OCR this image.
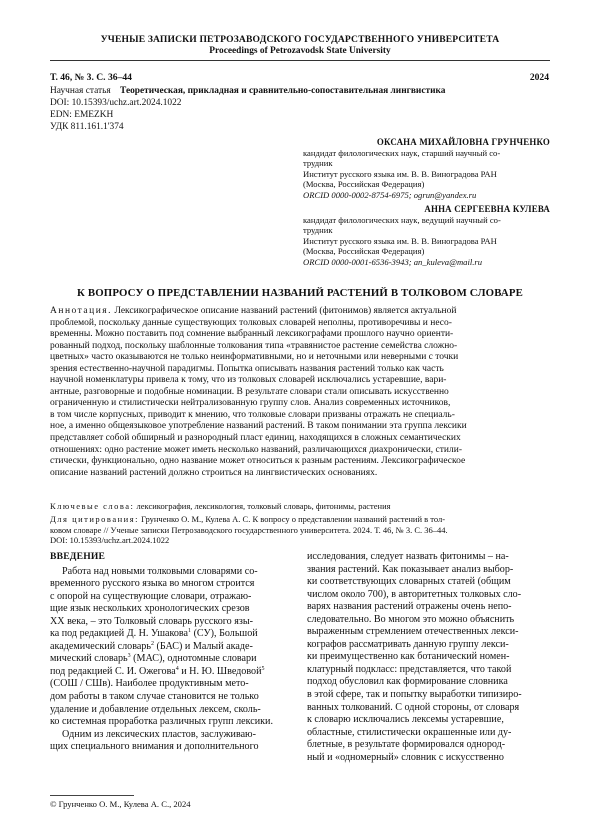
УЧЕНЫЕ ЗАПИСКИ ПЕТРОЗАВОДСКОГО ГОСУДАРСТВЕННОГО УНИВЕРСИТЕТА
Proceedings of Petrozavodsk State University
Т. 46, № 3. С. 36–44	2024
Научная статья Теоретическая, прикладная и сравнительно-сопоставительная лингвистика
DOI: 10.15393/uchz.art.2024.1022
EDN: EMEZKH
УДК 811.161.1'374
ОКСАНА МИХАЙЛОВНА ГРУНЧЕНКО
кандидат филологических наук, старший научный со-
трудник
Институт русского языка им. В. В. Виноградова РАН
(Москва, Российская Федерация)
ORCID 0000-0002-8754-6975; ogrun@yandex.ru
АННА СЕРГЕЕВНА КУЛЕВА
кандидат филологических наук, ведущий научный со-
трудник
Институт русского языка им. В. В. Виноградова РАН
(Москва, Российская Федерация)
ORCID 0000-0001-6536-3943; an_kuleva@mail.ru
К ВОПРОСУ О ПРЕДСТАВЛЕНИИ НАЗВАНИЙ РАСТЕНИЙ В ТОЛКОВОМ СЛОВАРЕ
Аннотация. Лексикографическое описание названий растений (фитонимов) является актуальной
проблемой, поскольку данные существующих толковых словарей неполны, противоречивы и несо-
временны. Можно поставить под сомнение выбранный лексикографами прошлого научно ориенти-
рованный подход, поскольку шаблонные толкования типа «травянистое растение семейства сложно-
цветных» часто оказываются не только неинформативными, но и неточными или неверными с точки
зрения естественно-научной парадигмы. Попытка описывать названия растений только как часть
научной номенклатуры привела к тому, что из толковых словарей исключались устаревшие, вари-
антные, разговорные и подобные номинации. В результате словари стали описывать искусственно
ограниченную и стилистически нейтрализованную группу слов. Анализ современных источников,
в том числе корпусных, приводит к мнению, что толковые словари призваны отражать не специаль-
ное, а именно общеязыковое употребление названий растений. В таком понимании эта группа лексики
представляет собой обширный и разнородный пласт единиц, находящихся в сложных семантических
отношениях: одно растение может иметь несколько названий, различающихся диахронически, стили-
стически, функционально, одно название может относиться к разным растениям. Лексикографическое
описание названий растений должно строиться на лингвистических основаниях.
Ключевые слова: лексикография, лексикология, толковый словарь, фитонимы, растения
Для цитирования: Грунченко О. М., Кулева А. С. К вопросу о представлении названий растений в тол-
ковом словаре // Ученые записки Петрозаводского государственного университета. 2024. Т. 46, № 3. С. 36–44.
DOI: 10.15393/uchz.art.2024.1022
ВВЕДЕНИЕ
Работа над новыми толковыми словарями со-
временного русского языка во многом строится
с опорой на существующие словари, отражаю-
щие язык нескольких хронологических срезов
XX века, – это Толковый словарь русского язы-
ка под редакцией Д. Н. Ушакова$^1$ (СУ), Большой
академический словарь$^2$ (БАС) и Малый акаде-
мический словарь$^3$ (МАС), однотомные словари
под редакцией С. И. Ожегова$^4$ и Н. Ю. Шведовой$^5$
(СОШ / СШв). Наиболее продуктивным мето-
дом работы в таком случае становится не только
удаление и добавление отдельных лексем, сколь-
ко системная проработка различных групп лексики.
Одним из лексических пластов, заслуживаю-
щих специального внимания и дополнительного
исследования, следует назвать фитонимы – на-
звания растений. Как показывает анализ выбор-
ки соответствующих словарных статей (общим
числом около 700), в авторитетных толковых сло-
варях названия растений отражены очень непо-
следовательно. Во многом это можно объяснить
выраженным стремлением отечественных лекси-
кографов рассматривать данную группу лекси-
ки преимущественно как ботанический номен-
клатурный подкласс: представляется, что такой
подход обусловил как формирование словника
в этой сфере, так и попытку выработки типизиро-
ванных толкований. С одной стороны, от словаря
к словарю исключались лексемы устаревшие,
областные, стилистически окрашенные или ду-
блетные, в результате формировался однород-
ный и «одномерный» словник с искусственно
© Грунченко О. М., Кулева А. С., 2024
